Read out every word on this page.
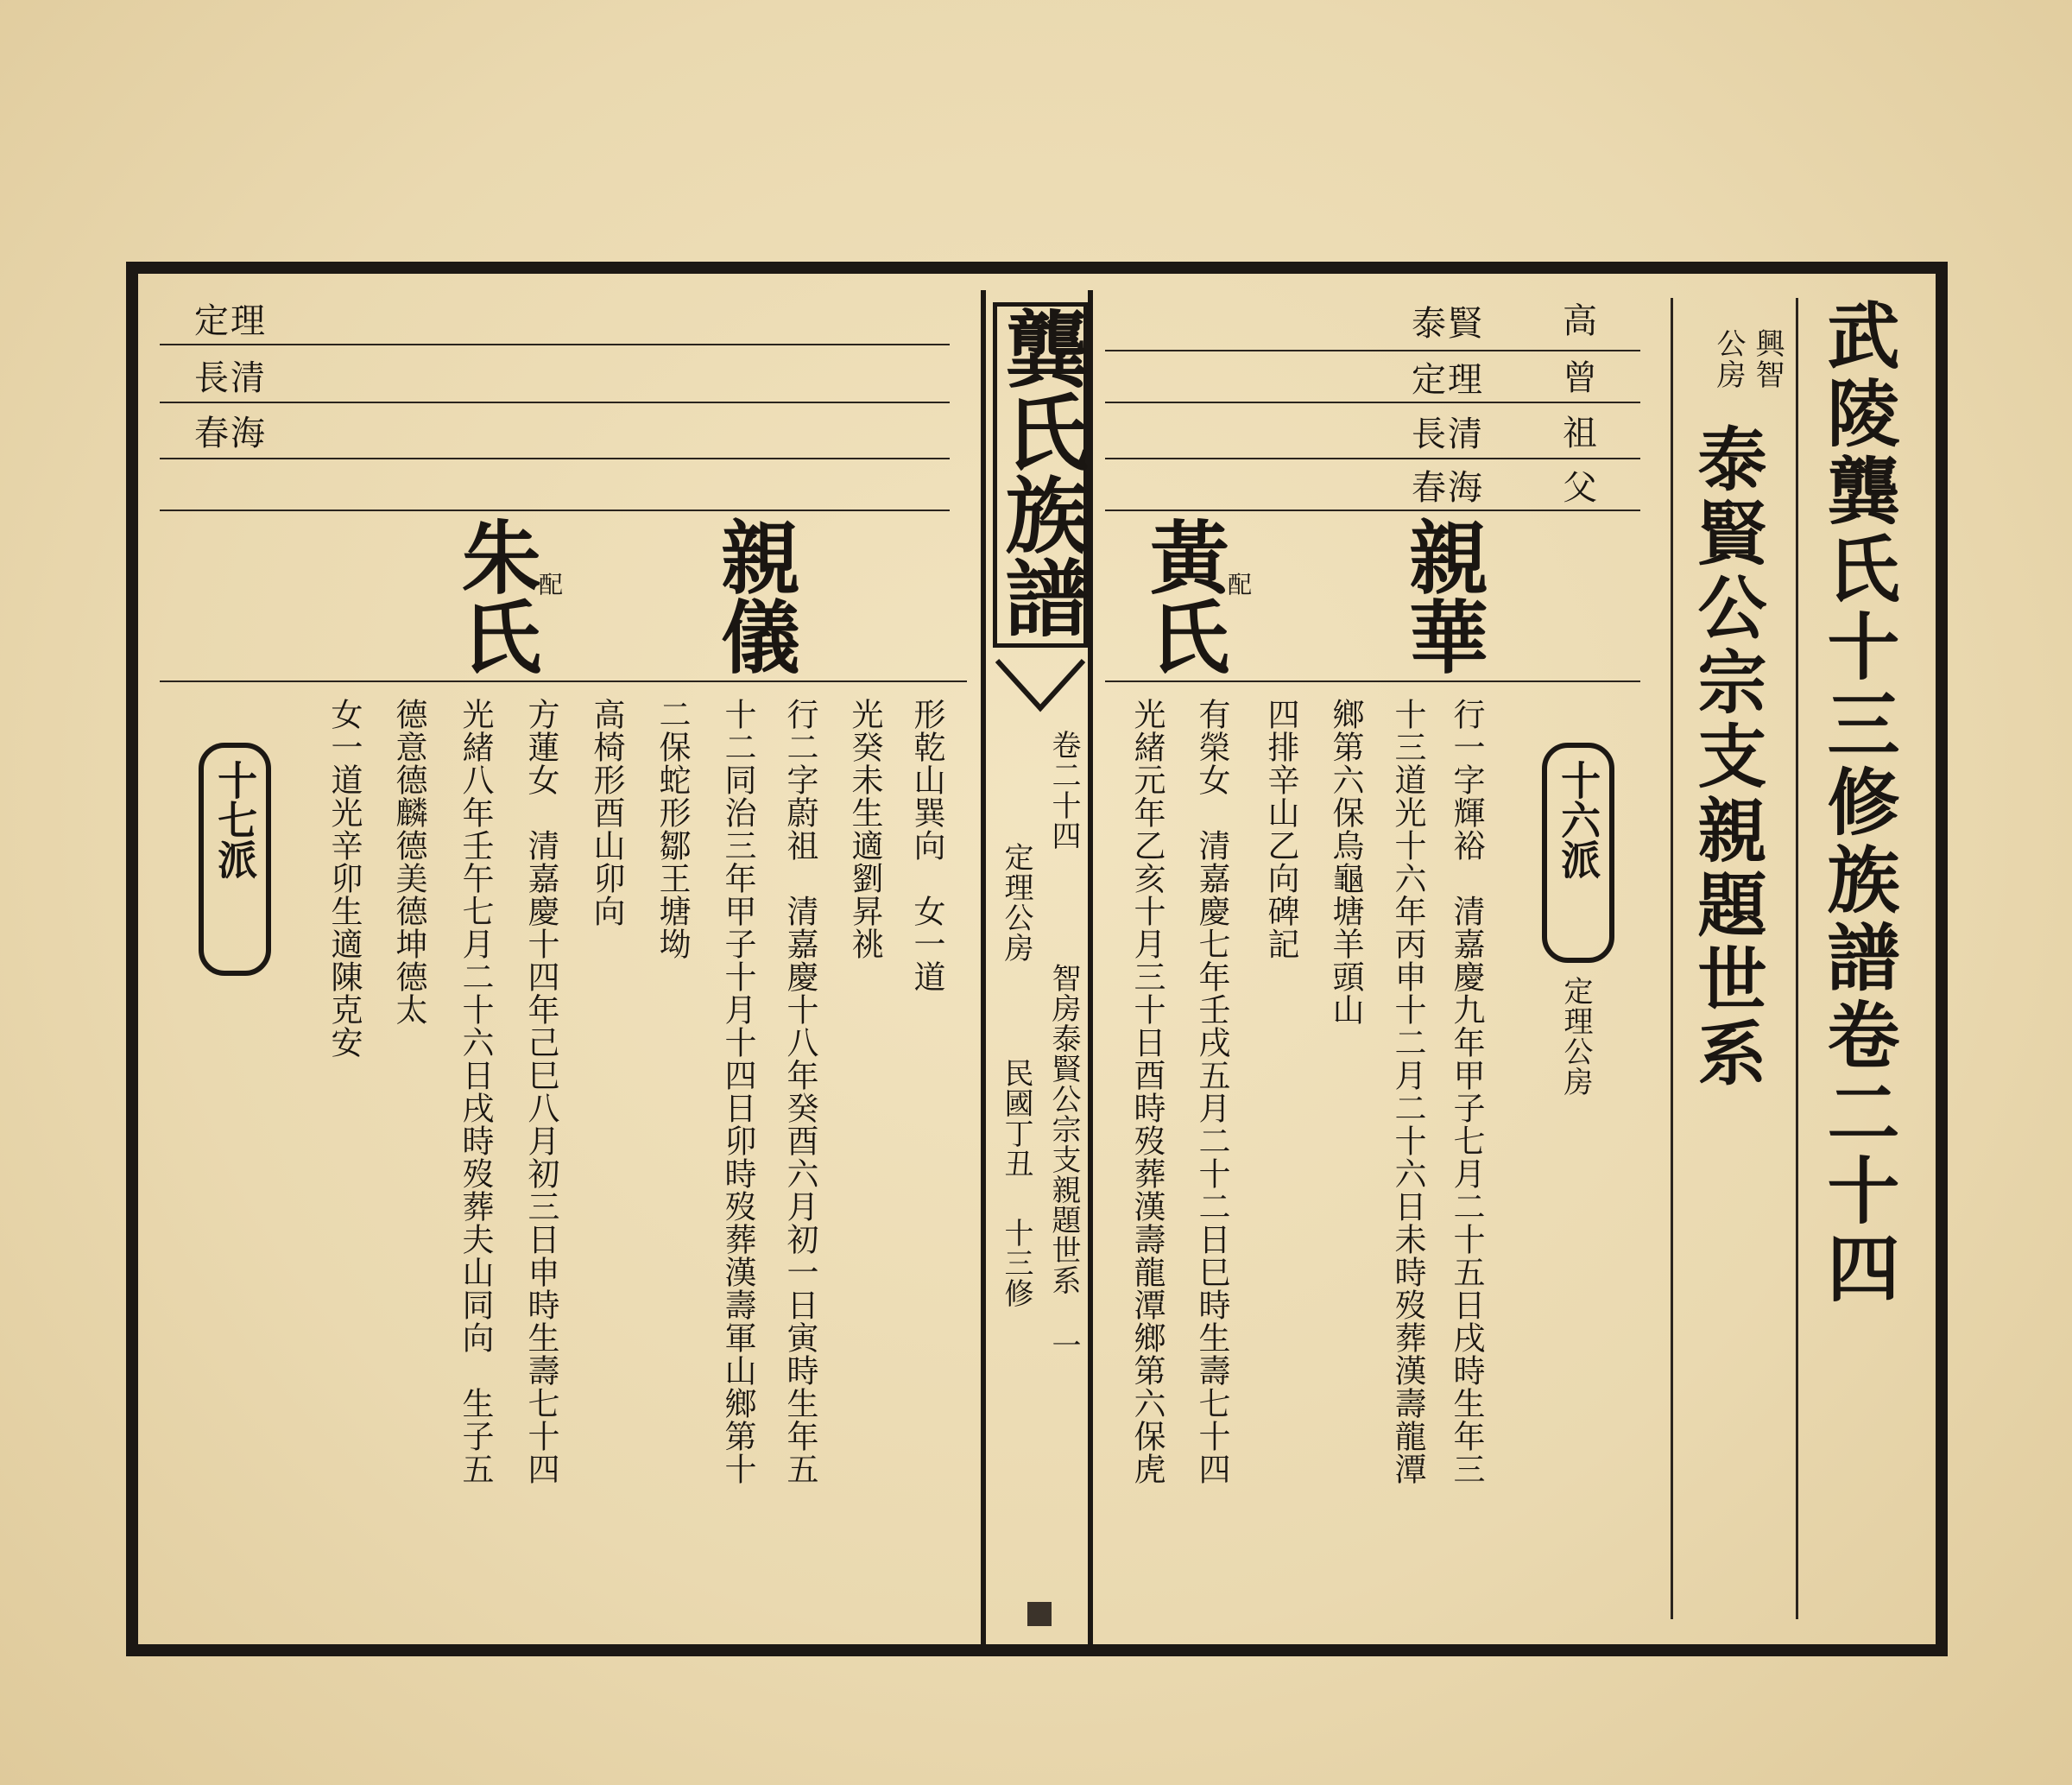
武陵龔氏十三修族譜卷二十四
興智
公房
泰賢公宗支親題世系
龔氏族譜
卷二十四
定理公房
智房泰賢公宗支親題世系
民國丁丑
十三修
一
十六派
定理公房
高
曾
祖
父
泰賢
定理
長清
春海
親華
配
黃氏
行一字輝裕　清嘉慶九年甲子七月二十五日戌時生年三
十三道光十六年丙申十二月二十六日未時歿葬漢壽龍潭
鄉第六保烏龜塘羊頭山
四排辛山乙向碑記
有榮女　清嘉慶七年壬戌五月二十二日巳時生壽七十四
光緒元年乙亥十月三十日酉時歿葬漢壽龍潭鄉第六保虎
定理
長清
春海
親儀
配
朱氏
十七派	形乾山巽向　女一道
光癸未生適劉昇祧
行二字蔚祖　清嘉慶十八年癸酉六月初一日寅時生年五
十二同治三年甲子十月十四日卯時歿葬漢壽軍山鄉第十
二保蛇形鄒王塘坳
高椅形酉山卯向
方蓮女　清嘉慶十四年己巳八月初三日申時生壽七十四
光緒八年壬午七月二十六日戌時歿葬夫山同向　生子五
德意德麟德美德坤德太
女一道光辛卯生適陳克安
